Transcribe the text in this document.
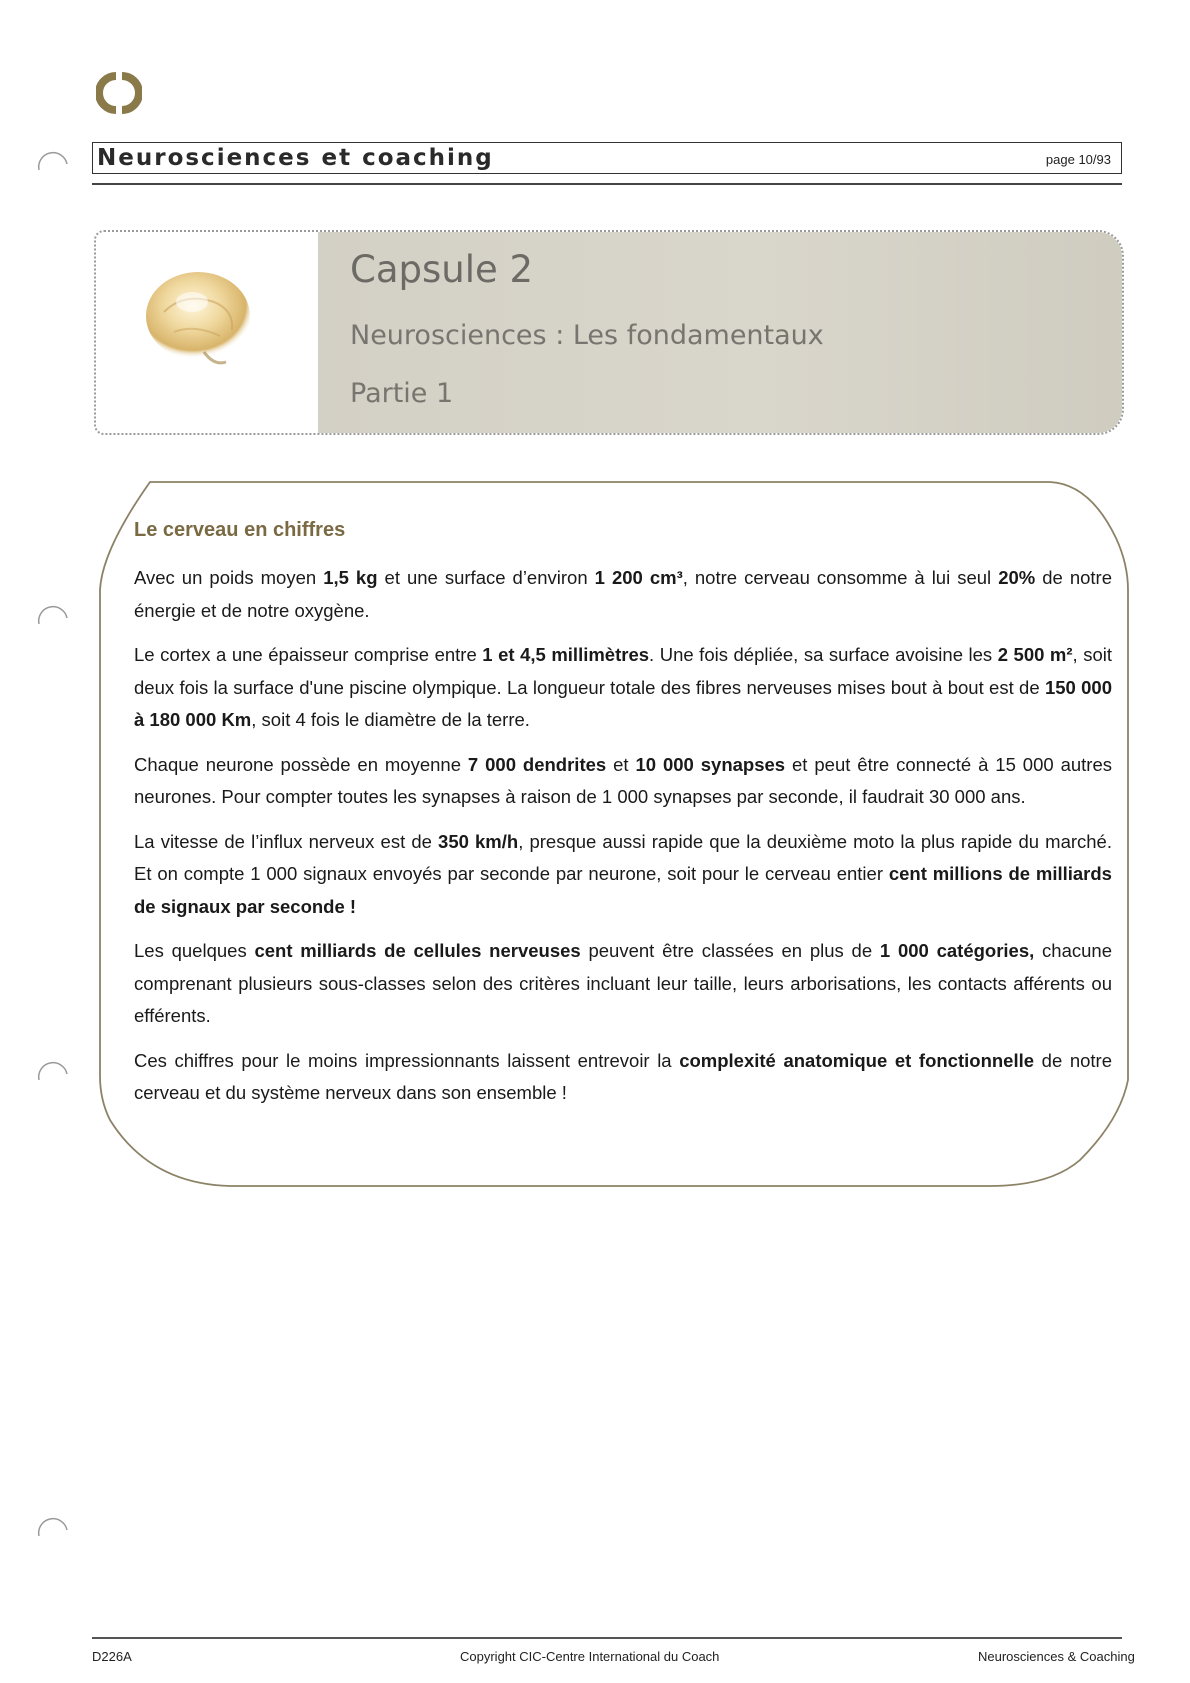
Neurosciences et coaching	page 10/93
Capsule 2
Neurosciences : Les fondamentaux
Partie 1
Le cerveau en chiffres

Avec un poids moyen 1,5 kg et une surface d’environ 1 200 cm³, notre cerveau consomme à lui seul 20% de notre énergie et de notre oxygène.

Le cortex a une épaisseur comprise entre 1 et 4,5 millimètres. Une fois dépliée, sa surface avoisine les 2 500 m², soit deux fois la surface d'une piscine olympique. La longueur totale des fibres nerveuses mises bout à bout est de 150 000 à 180 000 Km, soit 4 fois le diamètre de la terre.

Chaque neurone possède en moyenne 7 000 dendrites et 10 000 synapses et peut être connecté à 15 000 autres neurones. Pour compter toutes les synapses à raison de 1 000 synapses par seconde, il faudrait 30 000 ans.

La vitesse de l’influx nerveux est de 350 km/h, presque aussi rapide que la deuxième moto la plus rapide du marché. Et on compte 1 000 signaux envoyés par seconde par neurone, soit pour le cerveau entier cent millions de milliards de signaux par seconde !

Les quelques cent milliards de cellules nerveuses peuvent être classées en plus de 1 000 catégories, chacune comprenant plusieurs sous-classes selon des critères incluant leur taille, leurs arborisations, les contacts afférents ou efférents.

Ces chiffres pour le moins impressionnants laissent entrevoir la complexité anatomique et fonctionnelle de notre cerveau et du système nerveux dans son ensemble !

D226A	Copyright CIC-Centre International du Coach	Neurosciences & Coaching
